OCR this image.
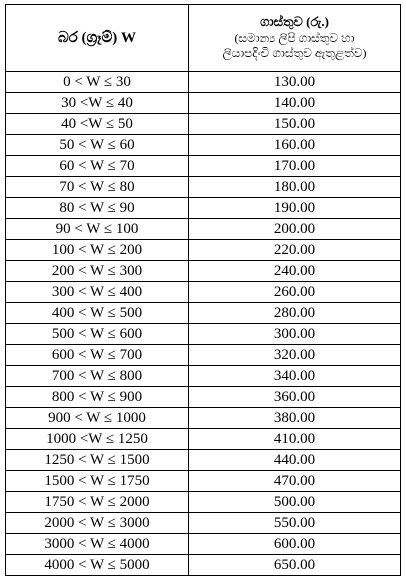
බර (ග්‍රෑම්) W	ගාස්තුව (රු.)
(සමාන්‍ය ලිපි ගාස්තුව හා
ලියාපදිංචි ගාස්තුව ඇතුළත්ව)

0 < W ≤ 30	130.00
30 <W ≤ 40	140.00
40 <W ≤ 50	150.00
50 < W ≤ 60	160.00
60 < W ≤ 70	170.00
70 < W ≤ 80	180.00
80 < W ≤ 90	190.00
90 < W ≤ 100	200.00
100 < W ≤ 200	220.00
200 < W ≤ 300	240.00
300 < W ≤ 400	260.00
400 < W ≤ 500	280.00
500 < W ≤ 600	300.00
600 < W ≤ 700	320.00
700 < W ≤ 800	340.00
800 < W ≤ 900	360.00
900 < W ≤ 1000	380.00
1000 <W ≤ 1250	410.00
1250 < W ≤ 1500	440.00
1500 < W ≤ 1750	470.00
1750 < W ≤ 2000	500.00
2000 < W ≤ 3000	550.00
3000 < W ≤ 4000	600.00
4000 < W ≤ 5000	650.00
